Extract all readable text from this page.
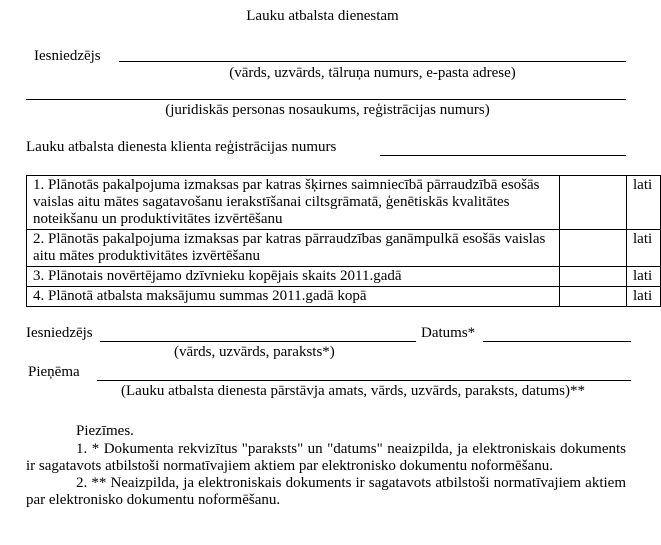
Lauku atbalsta dienestam
Iesniedzējs
(vārds, uzvārds, tālruņa numurs, e-pasta adrese)
(juridiskās personas nosaukums, reģistrācijas numurs)
Lauku atbalsta dienesta klienta reģistrācijas numurs
1. Plānotās pakalpojuma izmaksas par katras šķirnes saimniecībā pārraudzībā esošās vaislas aitu mātes sagatavošanu ierakstīšanai ciltsgrāmatā, ģenētiskās kvalitātes noteikšanu un produktivitātes izvērtēšanu		lati
2. Plānotās pakalpojuma izmaksas par katras pārraudzības ganāmpulkā esošās vaislas aitu mātes produktivitātes izvērtēšanu		lati
3. Plānotais novērtējamo dzīvnieku kopējais skaits 2011.gadā		lati
4. Plānotā atbalsta maksājumu summas 2011.gadā kopā		lati
Iesniedzējs	Datums*
(vārds, uzvārds, paraksts*)
Pieņēma
(Lauku atbalsta dienesta pārstāvja amats, vārds, uzvārds, paraksts, datums)**
Piezīmes.

1. * Dokumenta rekvizītus "paraksts" un "datums" neaizpilda, ja elektroniskais dokuments ir sagatavots atbilstoši normatīvajiem aktiem par elektronisko dokumentu noformēšanu.

2. ** Neaizpilda, ja elektroniskais dokuments ir sagatavots atbilstoši normatīvajiem aktiem par elektronisko dokumentu noformēšanu.
